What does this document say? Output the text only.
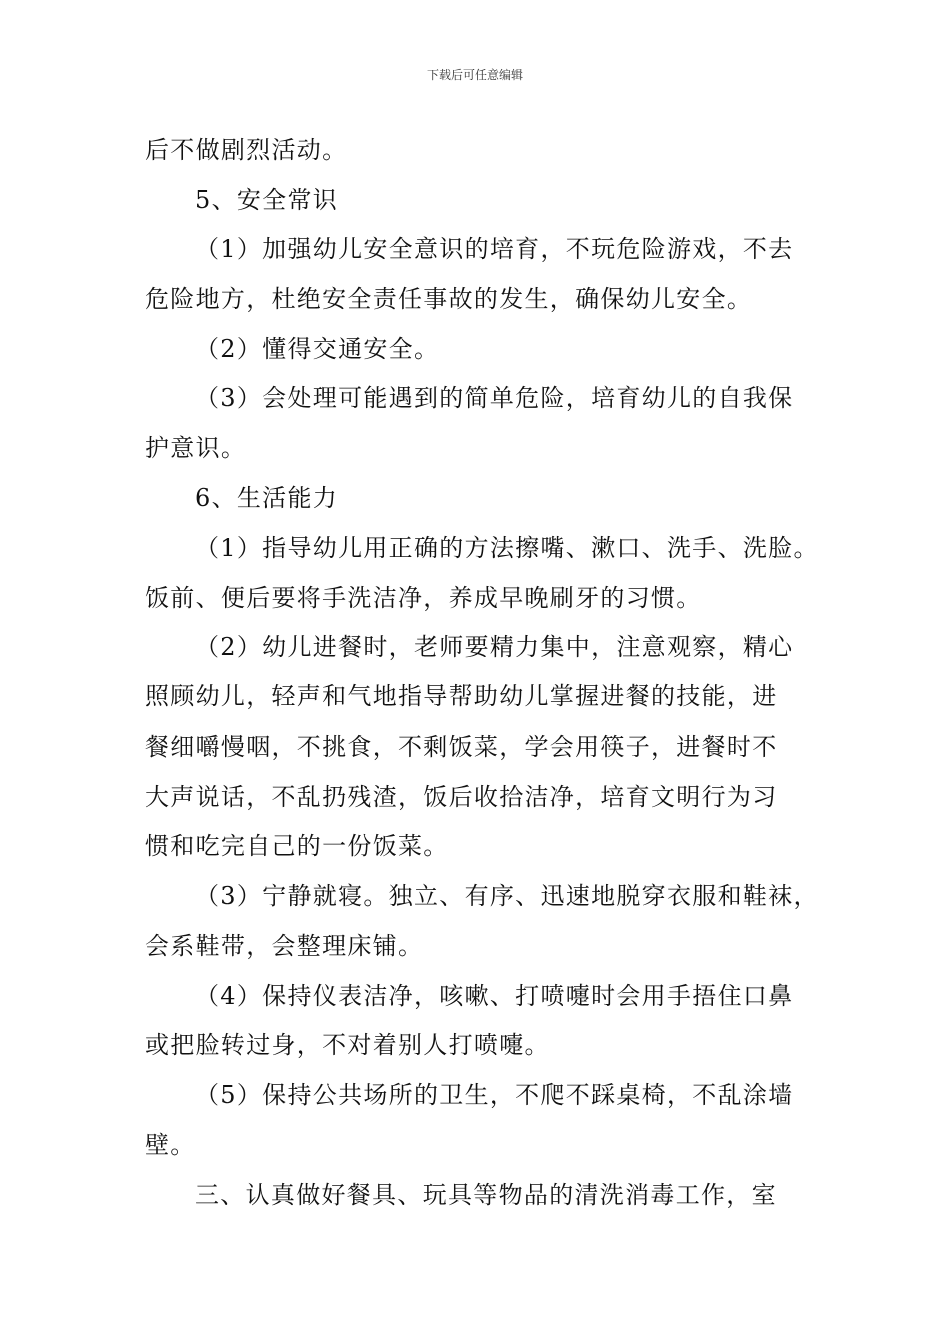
下载后可任意编辑
后不做剧烈活动。
5、安全常识
（1）加强幼儿安全意识的培育，不玩危险游戏，不去
危险地方，杜绝安全责任事故的发生，确保幼儿安全。
（2）懂得交通安全。
（3）会处理可能遇到的简单危险，培育幼儿的自我保
护意识。
6、生活能力
（1）指导幼儿用正确的方法擦嘴、漱口、洗手、洗脸。
饭前、便后要将手洗洁净，养成早晚刷牙的习惯。
（2）幼儿进餐时，老师要精力集中，注意观察，精心
照顾幼儿，轻声和气地指导帮助幼儿掌握进餐的技能，进
餐细嚼慢咽，不挑食，不剩饭菜，学会用筷子，进餐时不
大声说话，不乱扔残渣，饭后收拾洁净，培育文明行为习
惯和吃完自己的一份饭菜。
（3）宁静就寝。独立、有序、迅速地脱穿衣服和鞋袜，
会系鞋带，会整理床铺。
（4）保持仪表洁净，咳嗽、打喷嚏时会用手捂住口鼻
或把脸转过身，不对着别人打喷嚏。
（5）保持公共场所的卫生，不爬不踩桌椅，不乱涂墙
壁。
三、认真做好餐具、玩具等物品的清洗消毒工作，室
